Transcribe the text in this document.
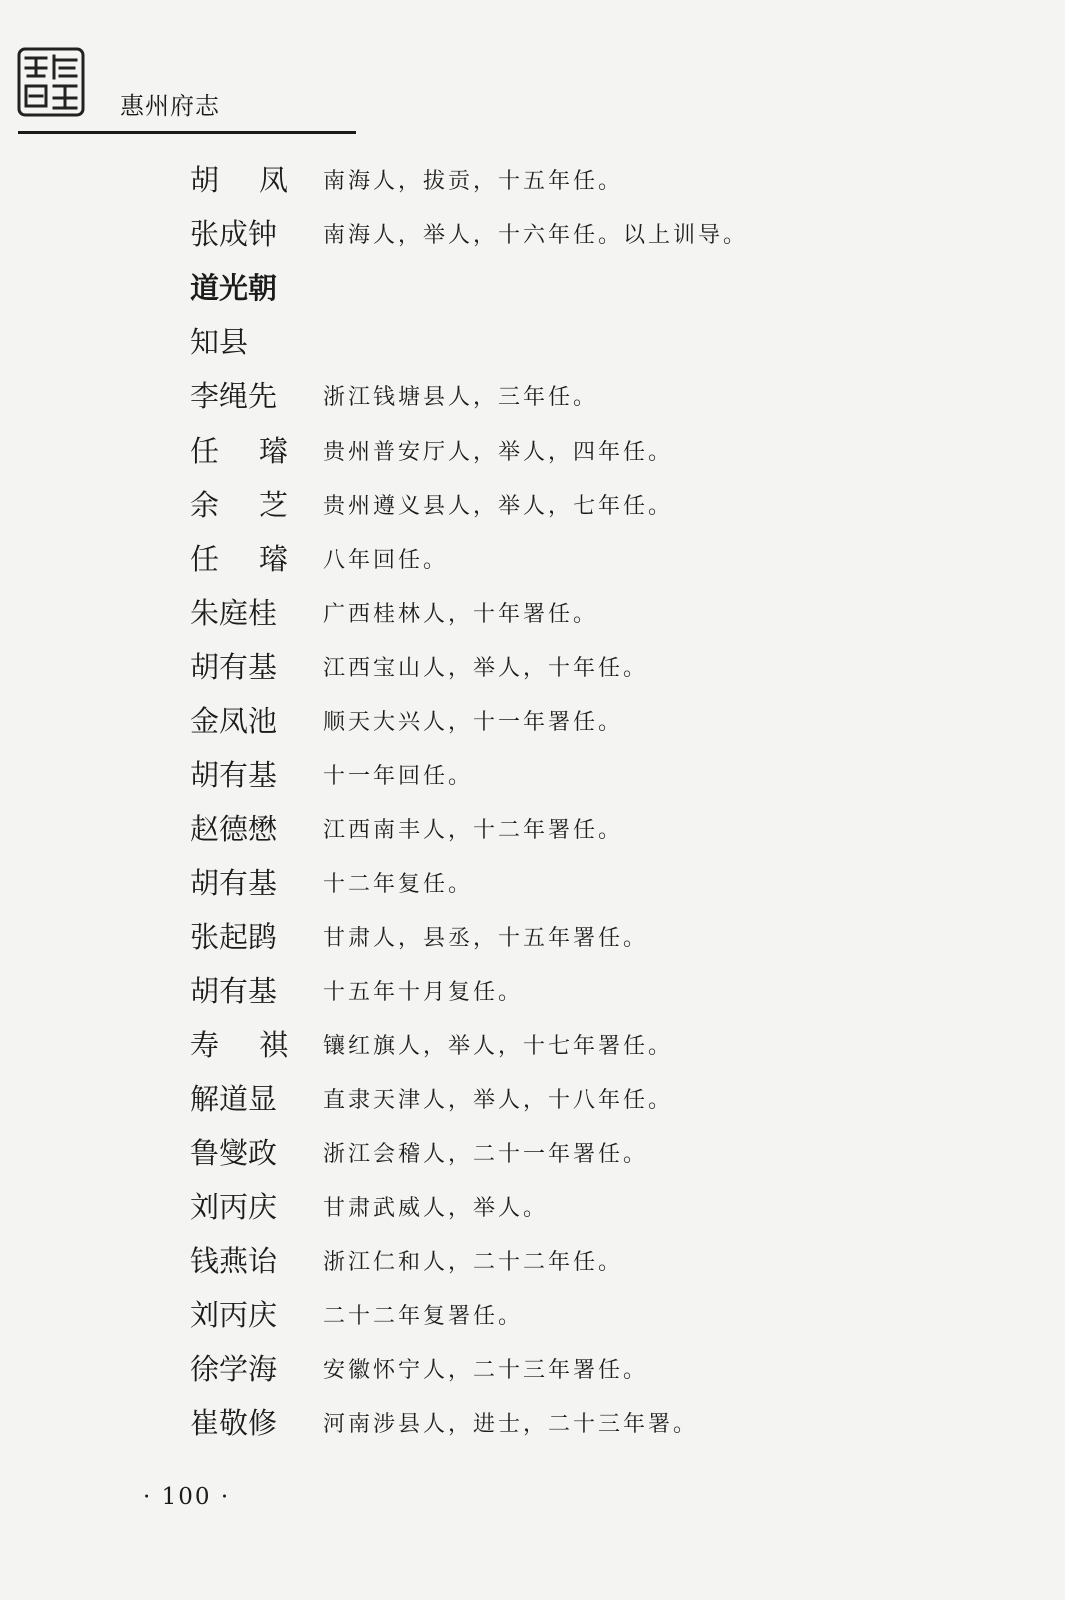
惠州府志
胡 凤 南海人，拔贡，十五年任。
张成钟 南海人，举人，十六年任。以上训导。
道光朝
知县
李绳先 浙江钱塘县人，三年任。
任 璿 贵州普安厅人，举人，四年任。
余 芝 贵州遵义县人，举人，七年任。
任 璿 八年回任。
朱庭桂 广西桂林人，十年署任。
胡有基 江西宝山人，举人，十年任。
金凤池 顺天大兴人，十一年署任。
胡有基 十一年回任。
赵德懋 江西南丰人，十二年署任。
胡有基 十二年复任。
张起鹍 甘肃人，县丞，十五年署任。
胡有基 十五年十月复任。
寿 祺 镶红旗人，举人，十七年署任。
解道显 直隶天津人，举人，十八年任。
鲁燮政 浙江会稽人，二十一年署任。
刘丙庆 甘肃武威人，举人。
钱燕诒 浙江仁和人，二十二年任。
刘丙庆 二十二年复署任。
徐学海 安徽怀宁人，二十三年署任。
崔敬修 河南涉县人，进士，二十三年署。
· 100 ·
